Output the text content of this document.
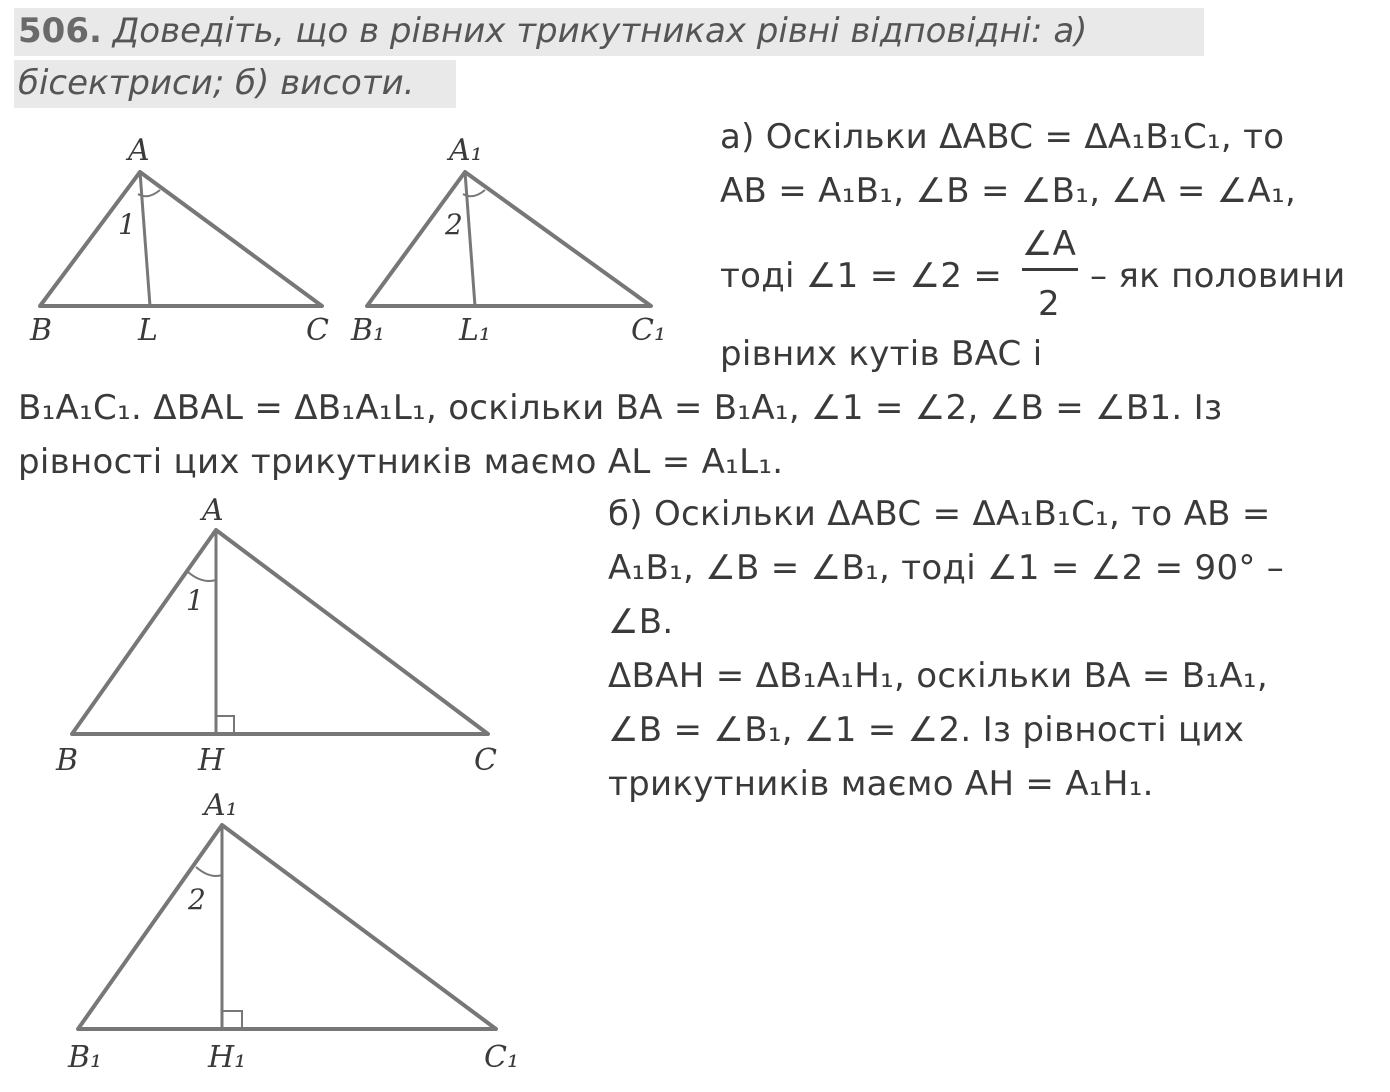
506. Доведіть, що в рівних трикутниках рівні відповідні: а)
бісектриси; б) висоти.
A
1
B	L	C
A₁
2
B₁ L₁	C₁
а) Оскільки ΔABC = ΔA₁B₁C₁, то
AB = A₁B₁, ∠B = ∠B₁, ∠A = ∠A₁,
тоді ∠1 = ∠2 =
∠A
2
– як половини
рівних кутів BAC і
B₁A₁C₁. ΔBAL = ΔB₁A₁L₁, оскільки BA = B₁A₁, ∠1 = ∠2, ∠B = ∠B1. Із
рівності цих трикутників маємо AL = A₁L₁.
A
1
B	H	C
A₁
2
B₁	H₁	C₁
б) Оскільки ΔABC = ΔA₁B₁C₁, то AB =
A₁B₁, ∠B = ∠B₁, тоді ∠1 = ∠2 = 90° –
∠B.
ΔBAH = ΔB₁A₁H₁, оскільки BA = B₁A₁,
∠B = ∠B₁, ∠1 = ∠2. Із рівності цих
трикутників маємо AH = A₁H₁.
